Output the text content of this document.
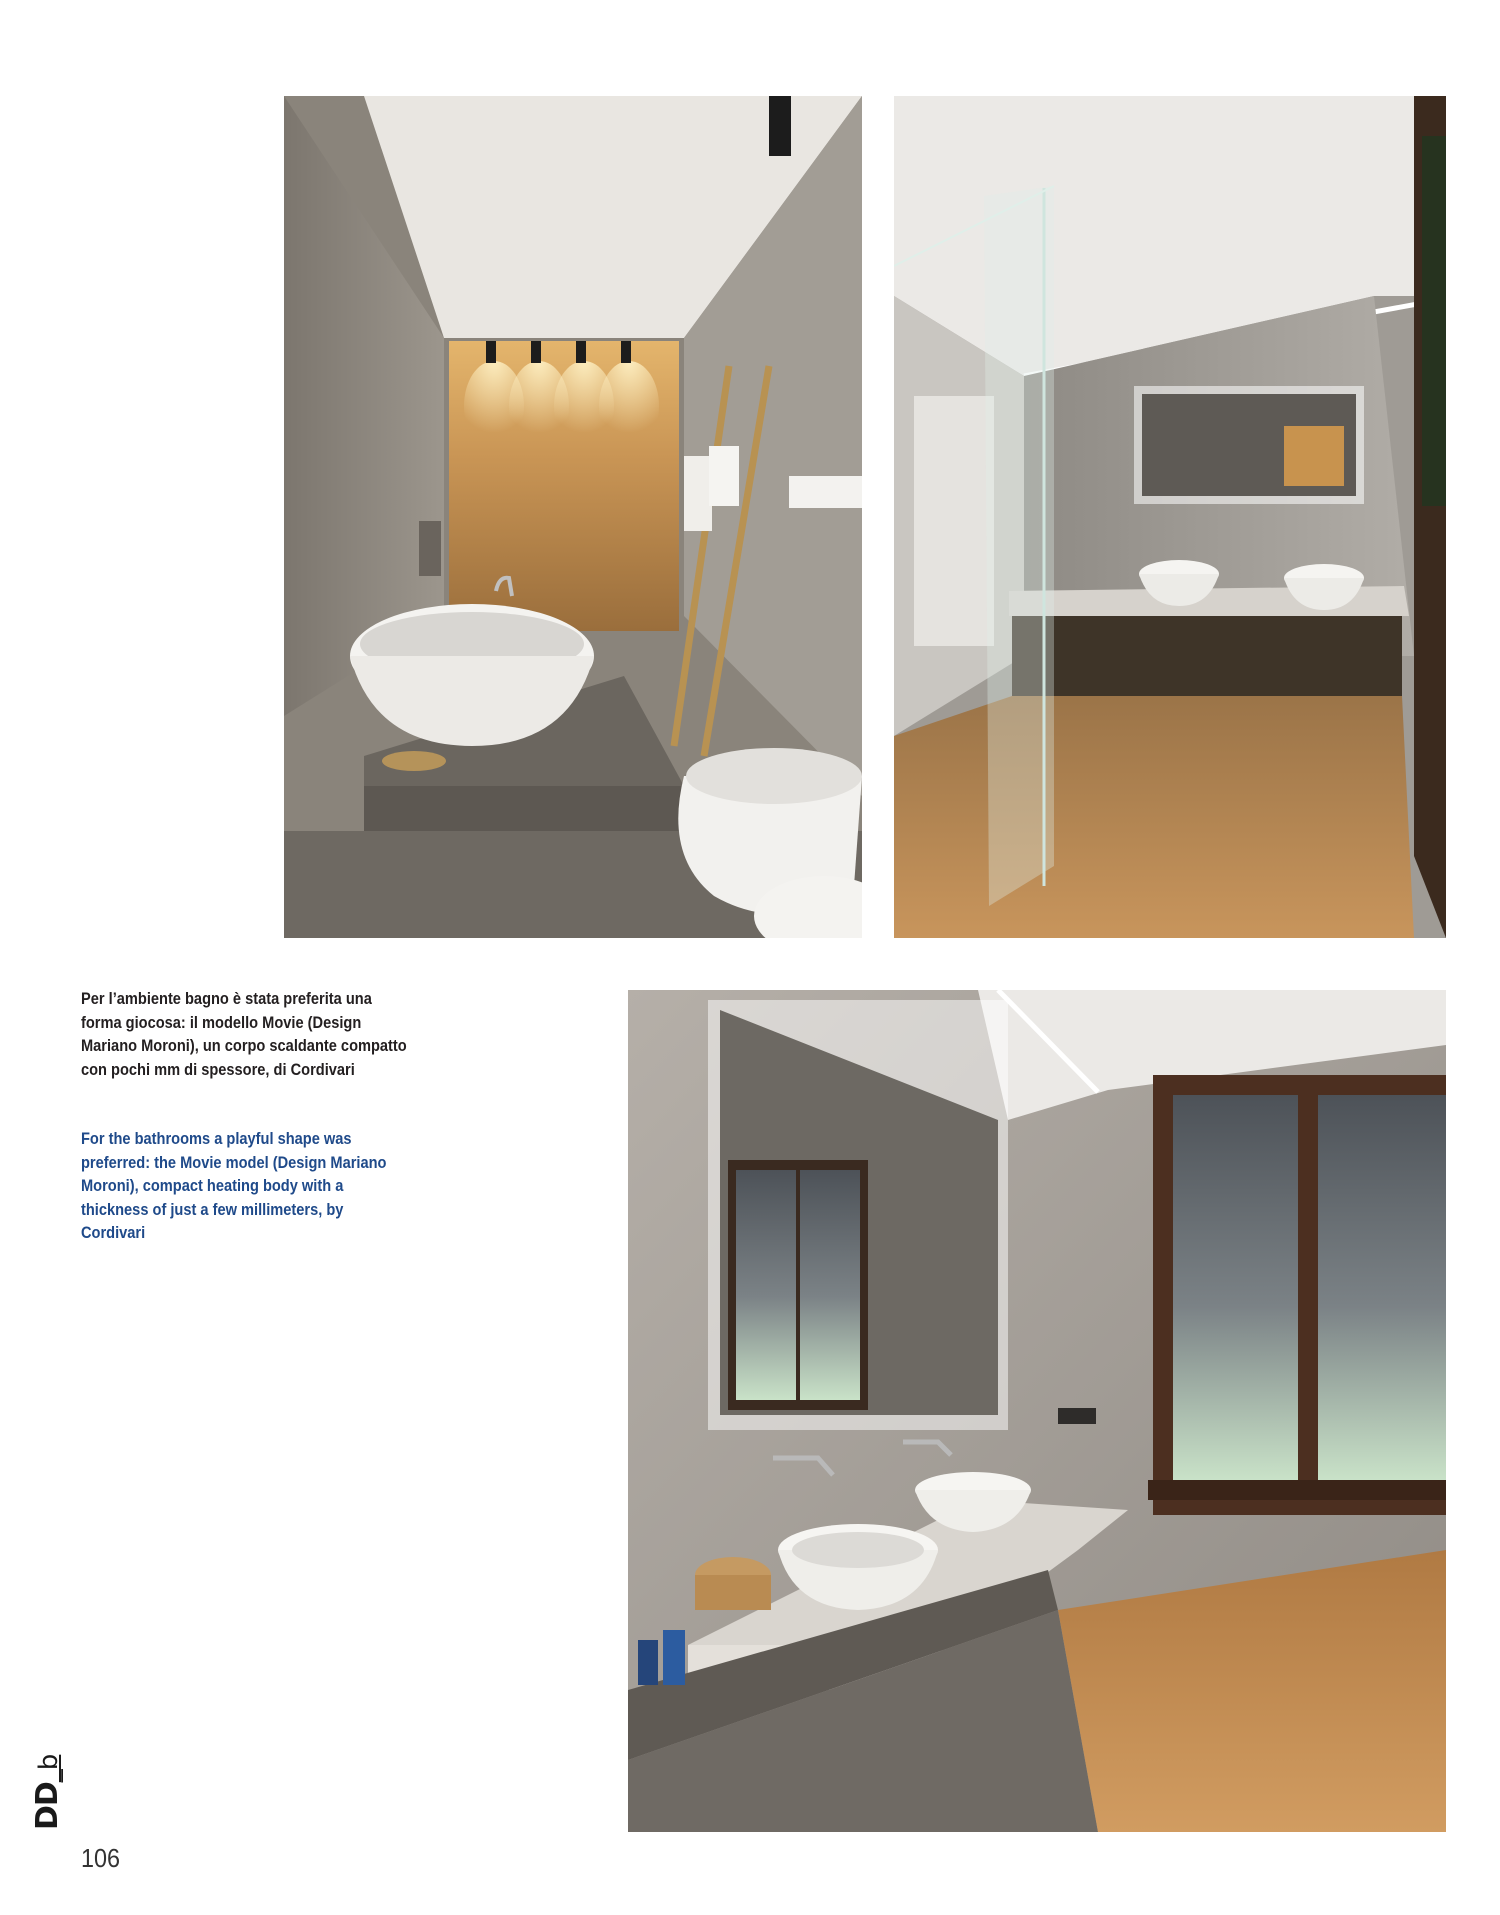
Per l’ambiente bagno è stata preferita una forma giocosa: il modello Movie (Design Mariano Moroni), un corpo scaldante compatto con pochi mm di spessore, di Cordivari
For the bathrooms a playful shape was preferred: the Movie model (Design Mariano Moroni), compact heating body with a thickness of just a few millimeters, by Cordivari
DD_b
106
